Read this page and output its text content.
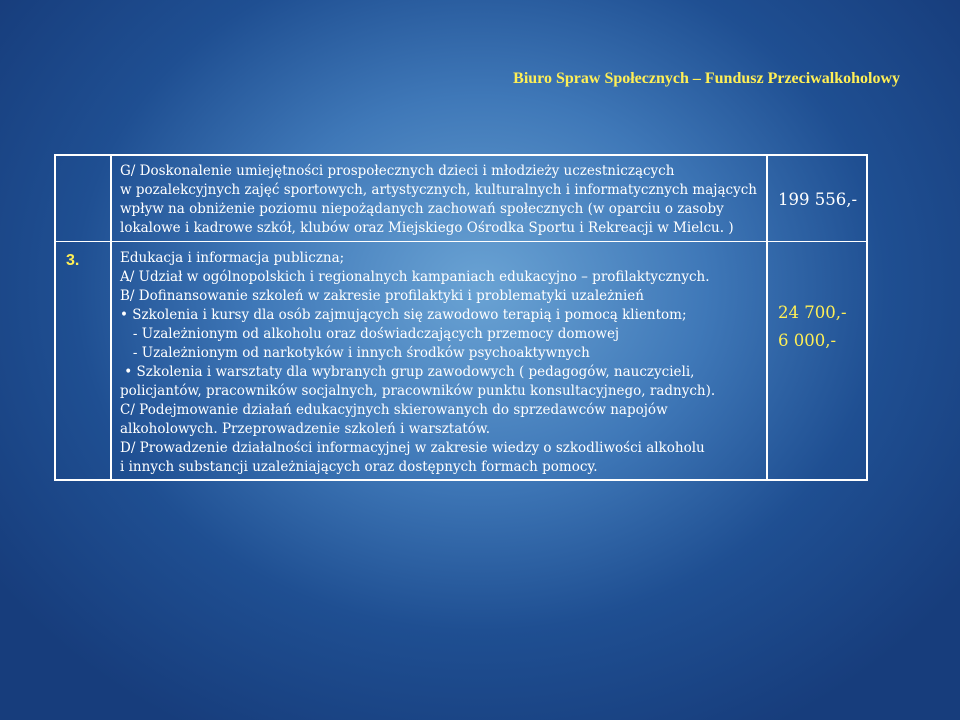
Biuro Spraw Społecznych – Fundusz Przeciwalkoholowy
G/ Doskonalenie umiejętności prospołecznych dzieci i młodzieży uczestniczących
w pozalekcyjnych zajęć sportowych, artystycznych, kulturalnych i informatycznych mających
wpływ na obniżenie poziomu niepożądanych zachowań społecznych (w oparciu o zasoby
lokalowe i kadrowe szkół, klubów oraz Miejskiego Ośrodka Sportu i Rekreacji w Mielcu. )
199 556,-
3.	Edukacja i informacja publiczna;
A/ Udział w ogólnopolskich i regionalnych kampaniach edukacyjno – profilaktycznych.
B/ Dofinansowanie szkoleń w zakresie profilaktyki i problematyki uzależnień
• Szkolenia i kursy dla osób zajmujących się zawodowo terapią i pomocą klientom;
- Uzależnionym od alkoholu oraz doświadczających przemocy domowej
- Uzależnionym od narkotyków i innych środków psychoaktywnych
• Szkolenia i warsztaty dla wybranych grup zawodowych ( pedagogów, nauczycieli,
policjantów, pracowników socjalnych, pracowników punktu konsultacyjnego, radnych).
C/ Podejmowanie działań edukacyjnych skierowanych do sprzedawców napojów
alkoholowych. Przeprowadzenie szkoleń i warsztatów.
D/ Prowadzenie działalności informacyjnej w zakresie wiedzy o szkodliwości alkoholu
i innych substancji uzależniających oraz dostępnych formach pomocy.
24 700,-
6 000,-
